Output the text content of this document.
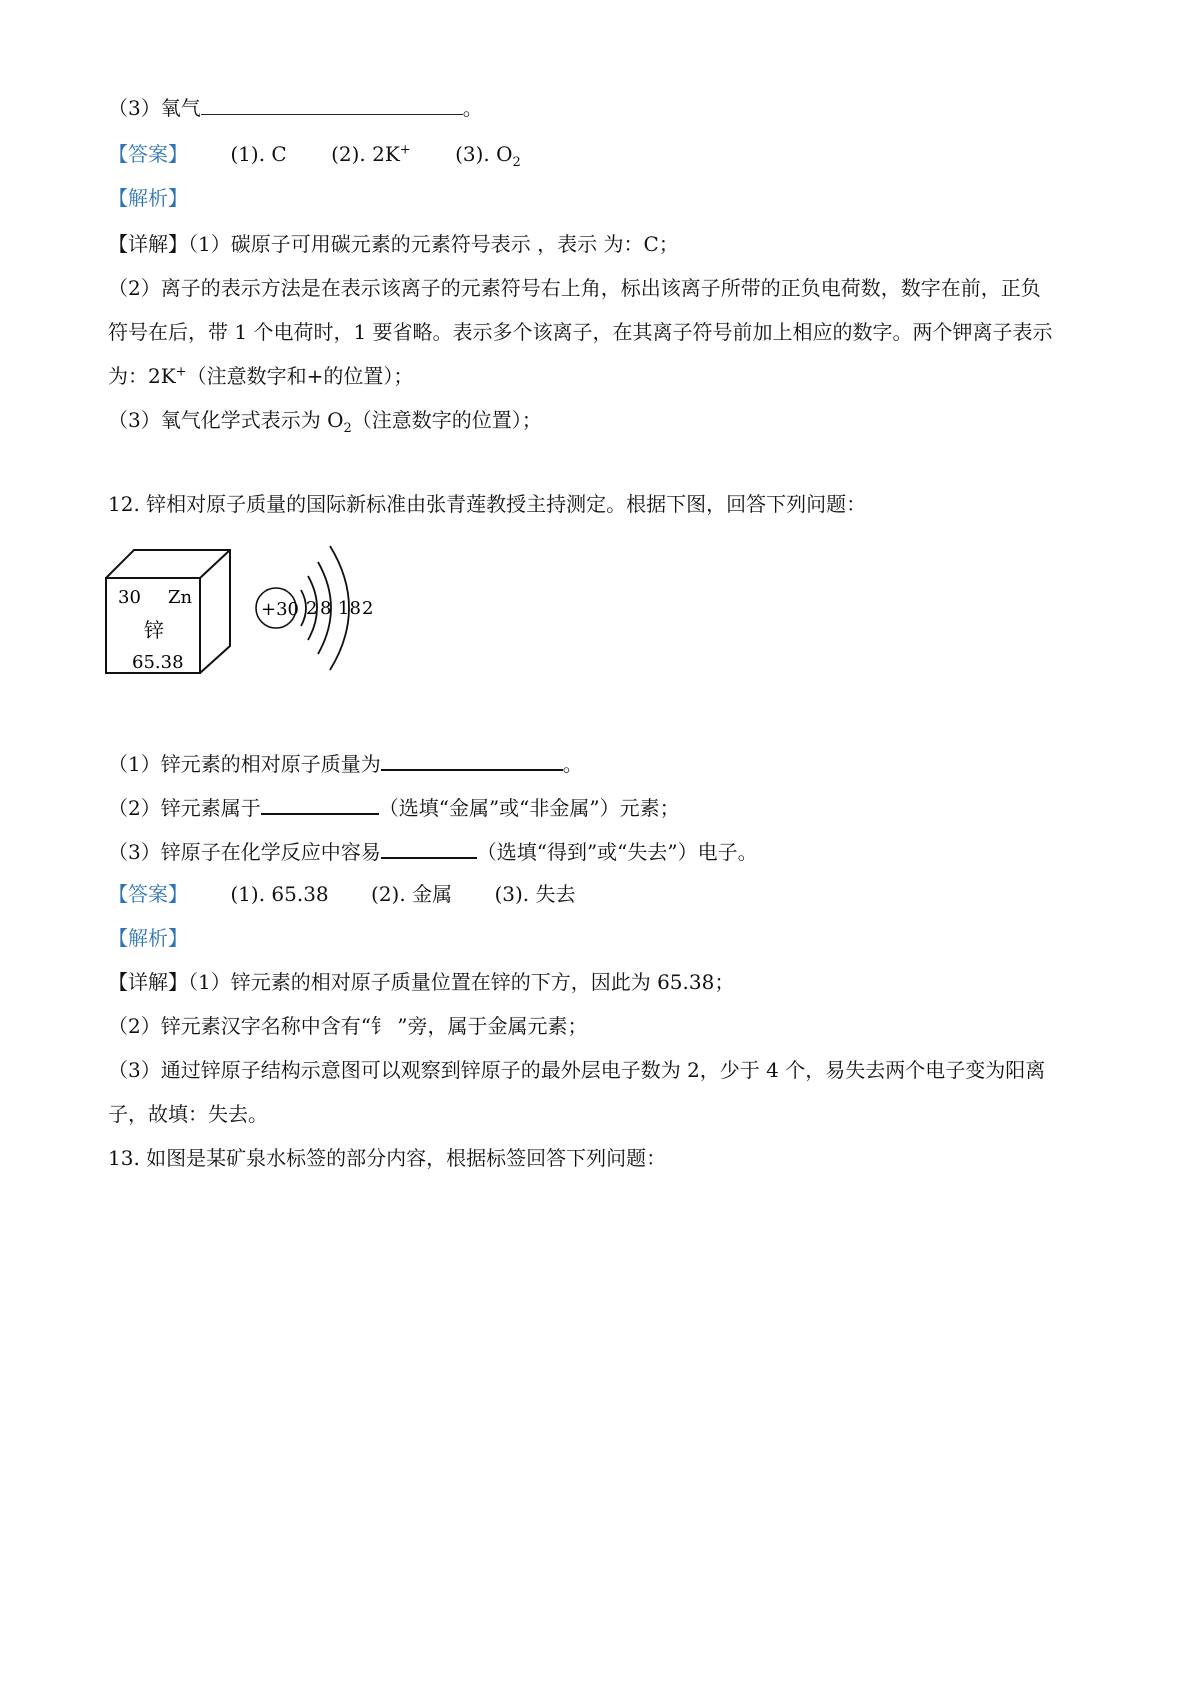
（3）氧气	。
【答案】 (1). C (2). 2K+ (3). $O_2$
【解析】
【详解】（1）碳原子可用碳元素的元素符号表示 ，表示 为：C；
（2）离子的表示方法是在表示该离子的元素符号右上角，标出该离子所带的正负电荷数，数字在前，正负
符号在后，带 1 个电荷时，1 要省略。表示多个该离子，在其离子符号前加上相应的数字。两个钾离子表示
为：2K+（注意数字和+的位置）；
（3）氧气化学式表示为 $O_2$（注意数字的位置）；
12. 锌相对原子质量的国际新标准由张青莲教授主持测定。根据下图，回答下列问题：
30 Zn
锌
65.38
+30 2 8 18 2
（1）锌元素的相对原子质量为	。
（2）锌元素属于	（选填“金属”或“非金属”）元素；
（3）锌原子在化学反应中容易	（选填“得到”或“失去”）电子。
【答案】 (1). 65.38 (2). 金属 (3). 失去
【解析】
【详解】（1）锌元素的相对原子质量位置在锌的下方，因此为 65.38；
（2）锌元素汉字名称中含有“钅 ”旁，属于金属元素；
（3）通过锌原子结构示意图可以观察到锌原子的最外层电子数为 2，少于 4 个，易失去两个电子变为阳离
子，故填：失去。
13. 如图是某矿泉水标签的部分内容，根据标签回答下列问题：
